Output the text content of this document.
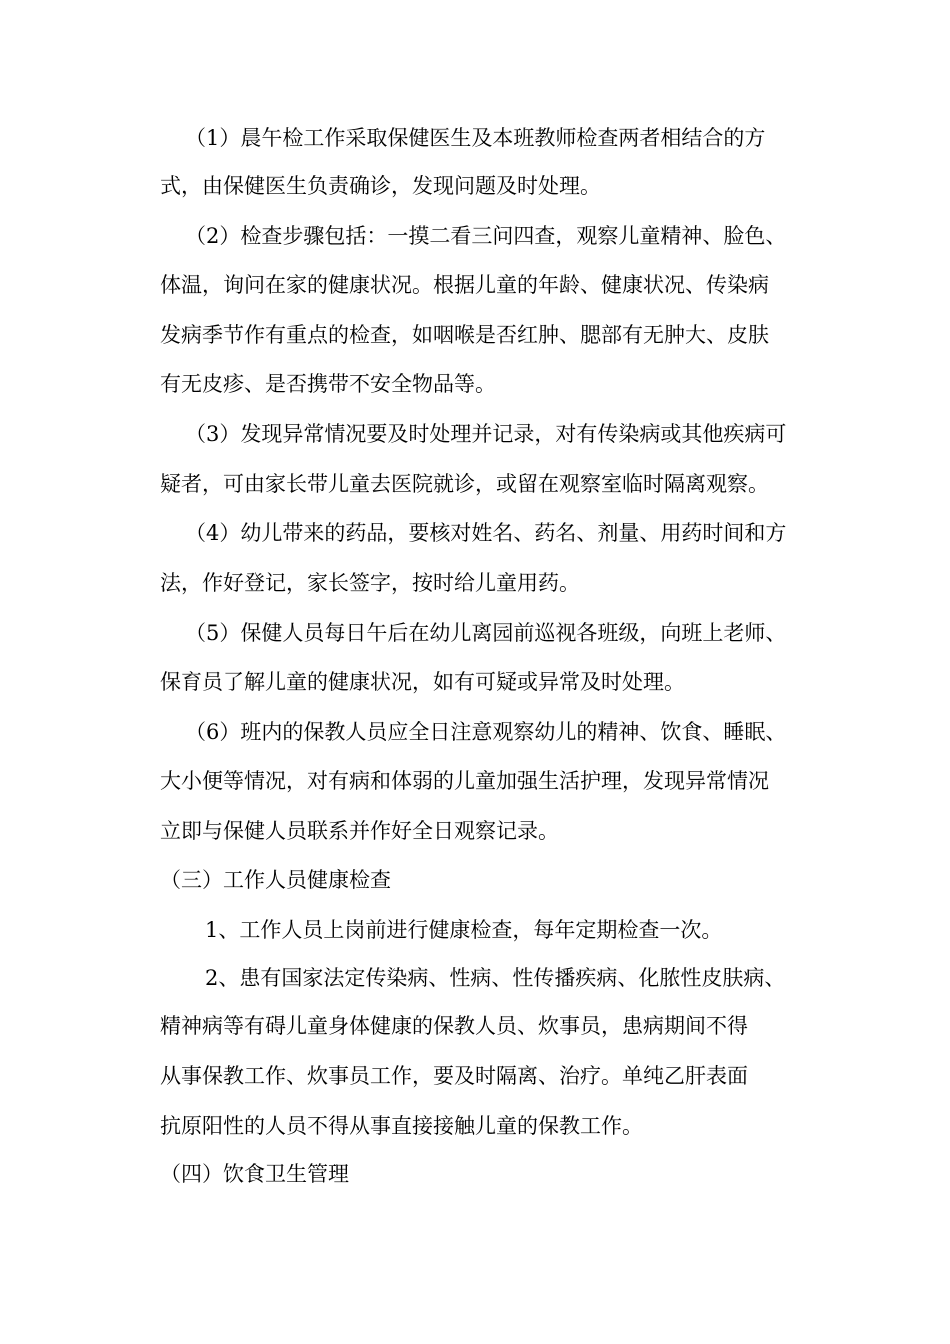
（1）晨午检工作采取保健医生及本班教师检查两者相结合的方
式，由保健医生负责确诊，发现问题及时处理。
（2）检查步骤包括：一摸二看三问四查，观察儿童精神、脸色、
体温，询问在家的健康状况。根据儿童的年龄、健康状况、传染病
发病季节作有重点的检查，如咽喉是否红肿、腮部有无肿大、皮肤
有无皮疹、是否携带不安全物品等。
（3）发现异常情况要及时处理并记录，对有传染病或其他疾病可
疑者，可由家长带儿童去医院就诊，或留在观察室临时隔离观察。
（4）幼儿带来的药品，要核对姓名、药名、剂量、用药时间和方
法，作好登记，家长签字，按时给儿童用药。
（5）保健人员每日午后在幼儿离园前巡视各班级，向班上老师、
保育员了解儿童的健康状况，如有可疑或异常及时处理。
（6）班内的保教人员应全日注意观察幼儿的精神、饮食、睡眠、
大小便等情况，对有病和体弱的儿童加强生活护理，发现异常情况
立即与保健人员联系并作好全日观察记录。
（三）工作人员健康检查
1、工作人员上岗前进行健康检查，每年定期检查一次。
2、患有国家法定传染病、性病、性传播疾病、化脓性皮肤病、
精神病等有碍儿童身体健康的保教人员、炊事员，患病期间不得
从事保教工作、炊事员工作，要及时隔离、治疗。单纯乙肝表面
抗原阳性的人员不得从事直接接触儿童的保教工作。
（四）饮食卫生管理
